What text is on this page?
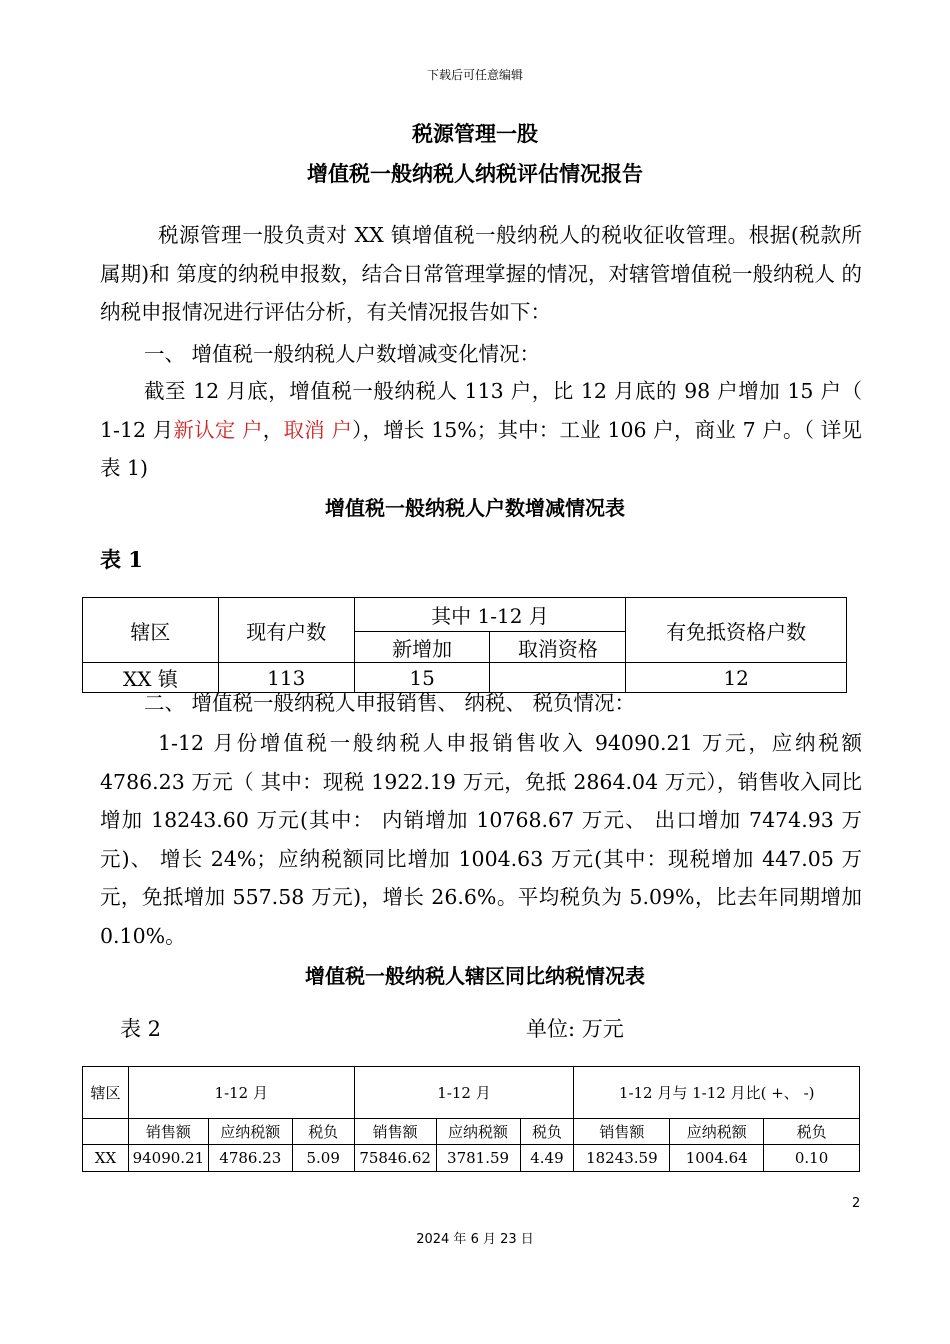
下载后可任意编辑
税源管理一股
增值税一般纳税人纳税评估情况报告
税源管理一股负责对 XX 镇增值税一般纳税人的税收征收管理。根据(税款所属期)和 第度的纳税申报数，结合日常管理掌握的情况，对辖管增值税一般纳税人 的纳税申报情况进行评估分析，有关情况报告如下：
一、 增值税一般纳税人户数增减变化情况：
截至 12 月底，增值税一般纳税人 113 户，比 12 月底的 98 户增加 15 户（ 1-12 月新认定 户，取消 户），增长 15%；其中：工业 106 户，商业 7 户。（ 详见表 1)
增值税一般纳税人户数增减情况表
表 1
辖区	现有户数	其中 1-12 月		有免抵资格户数
		新增加	取消资格	
XX 镇	113	15		12
二、 增值税一般纳税人申报销售、 纳税、 税负情况：
1-12 月份增值税一般纳税人申报销售收入 94090.21 万元，应纳税额 4786.23 万元（ 其中：现税 1922.19 万元，免抵 2864.04 万元），销售收入同比增加 18243.60 万元(其中： 内销增加 10768.67 万元、 出口增加 7474.93 万元)、 增长 24%；应纳税额同比增加 1004.63 万元(其中：现税增加 447.05 万元，免抵增加 557.58 万元)，增长 26.6%。平均税负为 5.09%，比去年同期增加 0.10%。
增值税一般纳税人辖区同比纳税情况表
表 2	单位: 万元
辖区	1-12 月			1-12 月			1-12 月与 1-12 月比( +、 -)		
	销售额	应纳税额	税负	销售额	应纳税额	税负	销售额	应纳税额	税负
XX	94090.21	4786.23	5.09	75846.62	3781.59	4.49	18243.59	1004.64	0.10
2
2024 年 6 月 23 日
